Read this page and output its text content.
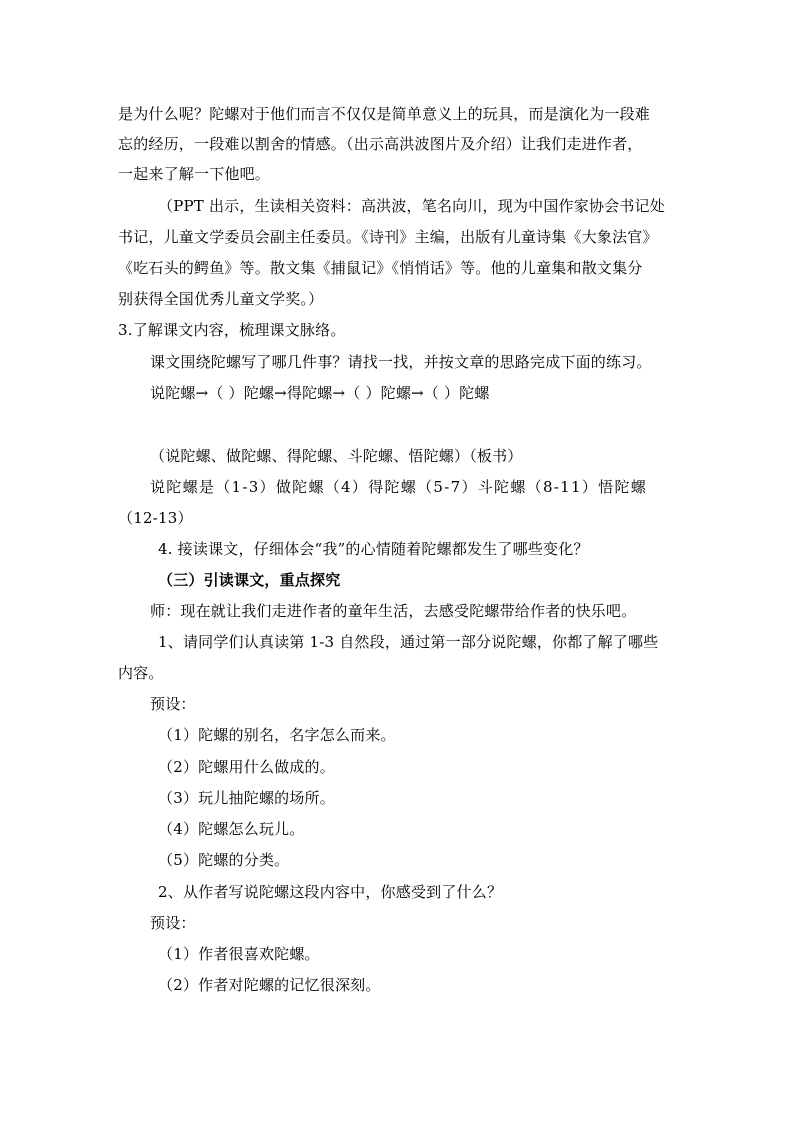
是为什么呢？陀螺对于他们而言不仅仅是简单意义上的玩具，而是演化为一段难
忘的经历，一段难以割舍的情感。（出示高洪波图片及介绍）让我们走进作者，
一起来了解一下他吧。
（PPT 出示，生读相关资料：高洪波，笔名向川，现为中国作家协会书记处
书记，儿童文学委员会副主任委员。《诗刊》主编，出版有儿童诗集《大象法官》
《吃石头的鳄鱼》等。散文集《捕鼠记》《悄悄话》等。他的儿童集和散文集分
别获得全国优秀儿童文学奖。）
3.了解课文内容，梳理课文脉络。
课文围绕陀螺写了哪几件事？请找一找，并按文章的思路完成下面的练习。
说陀螺→（ ）陀螺→得陀螺→（ ）陀螺→（ ）陀螺
（说陀螺、做陀螺、得陀螺、斗陀螺、悟陀螺）（板书）
说陀螺是（1-3）做陀螺（4）得陀螺（5-7）斗陀螺（8-11）悟陀螺
（12-13）
4. 接读课文，仔细体会“我”的心情随着陀螺都发生了哪些变化？
（三）引读课文，重点探究
师：现在就让我们走进作者的童年生活，去感受陀螺带给作者的快乐吧。
1、请同学们认真读第 1-3 自然段，通过第一部分说陀螺，你都了解了哪些
内容。
预设：
（1）陀螺的别名，名字怎么而来。
（2）陀螺用什么做成的。
（3）玩儿抽陀螺的场所。
（4）陀螺怎么玩儿。
（5）陀螺的分类。
2、从作者写说陀螺这段内容中，你感受到了什么？
预设：
（1）作者很喜欢陀螺。
（2）作者对陀螺的记忆很深刻。
